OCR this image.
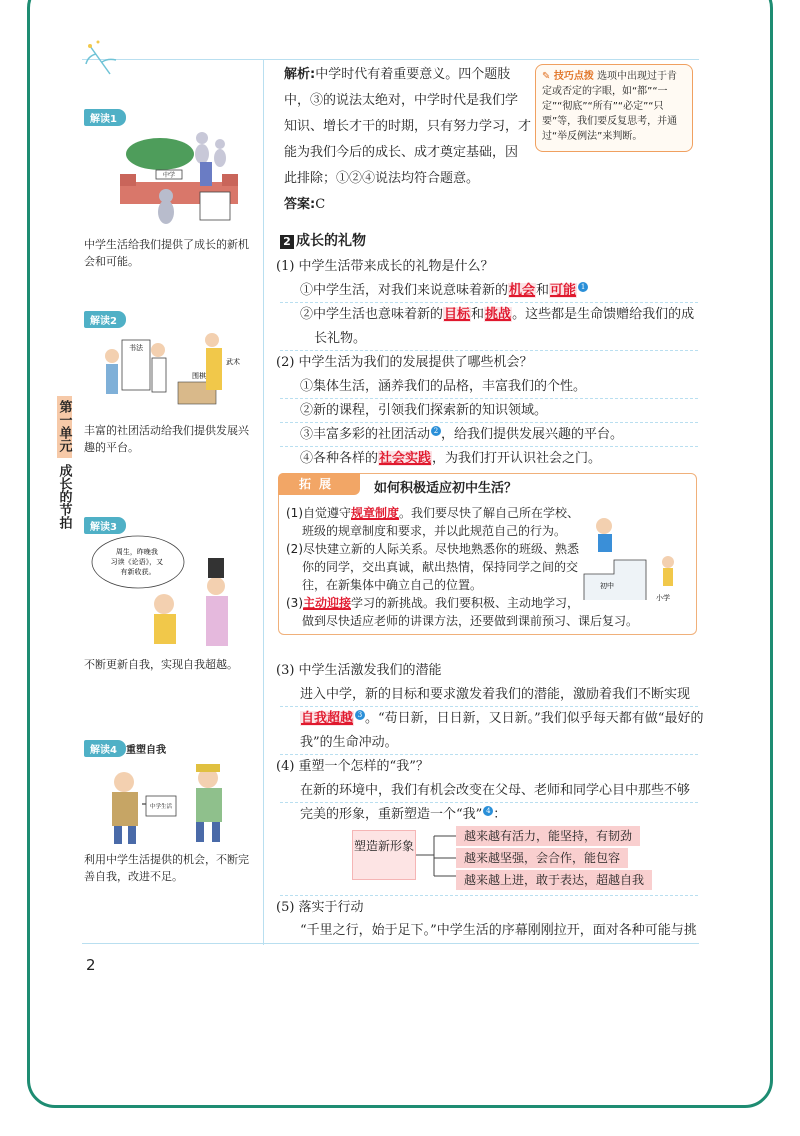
第一单元
成长的节拍
解读1
中学
中学生活给我们提供了成长的新机会和可能。
解读2
书法
围棋
武术
丰富的社团活动给我们提供发展兴趣的平台。
解读3
周生，昨晚我 习读《论语》，又 有新收获。
不断更新自我，实现自我超越。
解读4 重塑自我
中学生活
利用中学生活提供的机会，不断完善自我，改进不足。
解析:中学时代有着重要意义。四个题肢
中，③的说法太绝对，中学时代是我们学
知识、增长才干的时期，只有努力学习，才
能为我们今后的成长、成才奠定基础，因
此排除；①②④说法均符合题意。
答案:C
✎ 技巧点拨 选项中出现过于肯定或否定的字眼，如“都”“一定”“彻底”“所有”“必定”“只要”等，我们要反复思考，并通过“举反例法”来判断。
2 成长的礼物
(1) 中学生活带来成长的礼物是什么？
①中学生活，对我们来说意味着新的机会和可能 1
②中学生活也意味着新的目标和挑战。这些都是生命馈赠给我们的成
长礼物。
(2) 中学生活为我们的发展提供了哪些机会？
①集体生活，涵养我们的品格，丰富我们的个性。
②新的课程，引领我们探索新的知识领域。
③丰富多彩的社团活动 2 ，给我们提供发展兴趣的平台。
④各种各样的社会实践，为我们打开认识社会之门。
拓展	如何积极适应初中生活？
(1)自觉遵守规章制度。我们要尽快了解自己所在学校、
班级的规章制度和要求，并以此规范自己的行为。
(2)尽快建立新的人际关系。尽快地熟悉你的班级、熟悉
你的同学，交出真诚，献出热情，保持同学之间的交
往，在新集体中确立自己的位置。
(3)主动迎接学习的新挑战。我们要积极、主动地学习，
做到尽快适应老师的讲课方法，还要做到课前预习、课后复习。
初中
小学
(3) 中学生活激发我们的潜能
进入中学，新的目标和要求激发着我们的潜能，激励着我们不断实现
自我超越 3 。“苟日新，日日新，又日新。”我们似乎每天都有做“最好的
我”的生命冲动。
(4) 重塑一个怎样的“我”？
在新的环境中，我们有机会改变在父母、老师和同学心目中那些不够
完美的形象，重新塑造一个“我” 4 ：
塑造新形象
越来越有活力，能坚持，有韧劲
越来越坚强，会合作，能包容
越来越上进，敢于表达，超越自我
(5) 落实于行动
“千里之行，始于足下。”中学生活的序幕刚刚拉开，面对各种可能与挑
2
